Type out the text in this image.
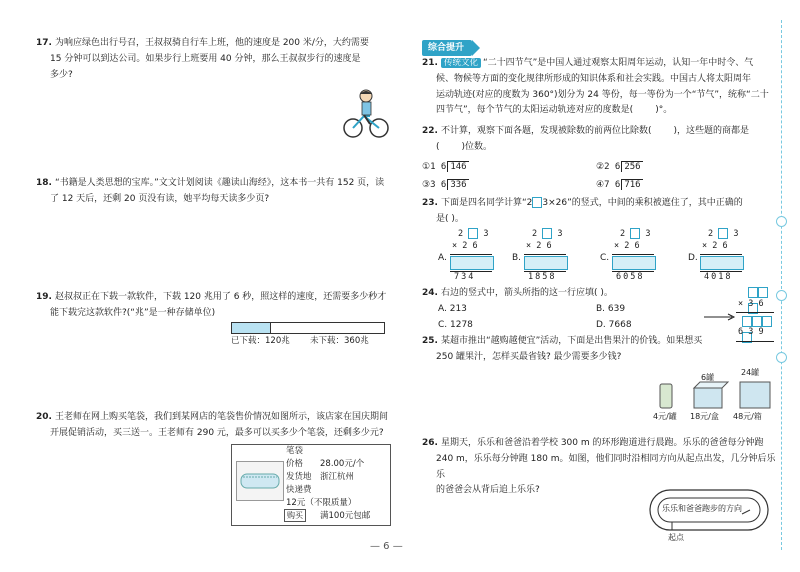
17. 为响应绿色出行号召，王叔叔骑自行车上班，他的速度是 200 米/分，大约需要
15 分钟可以到达公司。如果步行上班要用 40 分钟，那么王叔叔步行的速度是
多少?
18. “书籍是人类思想的宝库。”文文计划阅读《趣读山海经》，这本书一共有 152 页，读
了 12 天后，还剩 20 页没有读，她平均每天读多少页?
19. 赵叔叔正在下载一款软件，下载 120 兆用了 6 秒，照这样的速度，还需要多少秒才
能下载完这款软件?(“兆”是一种存储单位)
已下载：120兆 未下载：360兆
20. 王老师在网上购买笔袋，我们到某网店的笔袋售价情况如图所示，该店家在国庆期间
开展促销活动，买三送一。王老师有 290 元，最多可以买多少个笔袋，还剩多少元?
笔袋
价格 28.00元/个
发货地 浙江杭州
快递费12元（不限质量）
满100元包邮
购买
综合提升
21. 传统文化 “二十四节气”是中国人通过观察太阳周年运动，认知一年中时令、气
候、物候等方面的变化规律所形成的知识体系和社会实践。中国古人将太阳周年
运动轨迹(对应的度数为 360°)划分为 24 等份，每一等份为一个“节气”，统称“二十
四节气”，每个节气的太阳运动轨迹对应的度数是( )°。
22. 不计算，观察下面各题，发现被除数的前两位比除数( )，这些题的商都是
( )位数。
①1 6 146	②2 6 256
③3 6 336	④7 6 716
23. 下面是四名同学计算“2 3×26”的竖式，中间的乘积被遮住了，其中正确的
是( )。
2 3
× 2 6
A.
734
2 3
× 2 6
B.
1858
2 3
× 2 6
C.
6058
2 3
× 2 6
D.
4018
24. 右边的竖式中，箭头所指的这一行应填( )。
A. 213	B. 639
C. 1278	D. 7668
× 3 6
6 3 9
25. 某超市推出“越购越便宜”活动，下面是出售果汁的价钱。如果想买
250 罐果汁，怎样买最省钱? 最少需要多少钱?
6罐
24罐
4元/罐 18元/盒 48元/箱
26. 星期天，乐乐和爸爸沿着学校 300 m 的环形跑道进行晨跑。乐乐的爸爸每分钟跑
240 m，乐乐每分钟跑 180 m。如图，他们同时沿相同方向从起点出发，几分钟后乐乐
的爸爸会从背后追上乐乐?
乐乐和爸爸跑步的方向
起点
— 6 —
